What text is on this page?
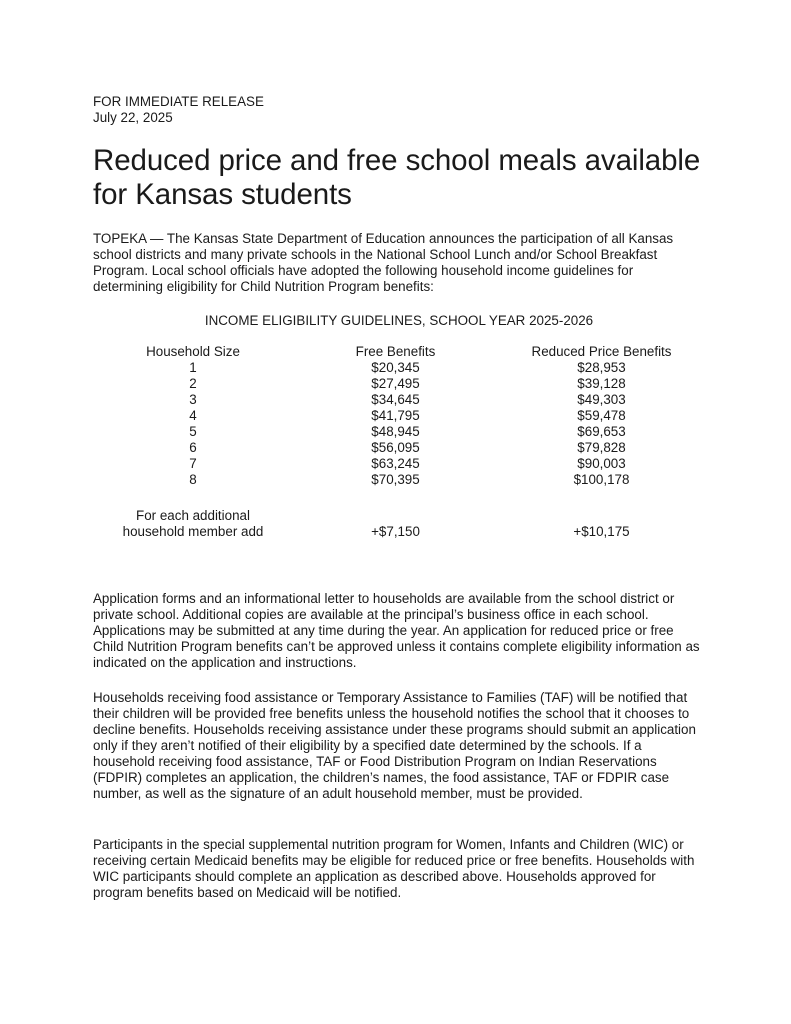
FOR IMMEDIATE RELEASE
July 22, 2025
Reduced price and free school meals available for Kansas students

TOPEKA — The Kansas State Department of Education announces the participation of all Kansas school districts and many private schools in the National School Lunch and/or School Breakfast Program. Local school officials have adopted the following household income guidelines for determining eligibility for Child Nutrition Program benefits:

INCOME ELIGIBILITY GUIDELINES, SCHOOL YEAR 2025-2026
Household Size	Free Benefits	Reduced Price Benefits
1	$20,345	$28,953
2	$27,495	$39,128
3	$34,645	$49,303
4	$41,795	$59,478
5	$48,945	$69,653
6	$56,095	$79,828
7	$63,245	$90,003
8	$70,395	$100,178

For each additional
household member add	+$7,150	+$10,175

Application forms and an informational letter to households are available from the school district or private school. Additional copies are available at the principal’s business office in each school. Applications may be submitted at any time during the year. An application for reduced price or free Child Nutrition Program benefits can’t be approved unless it contains complete eligibility information as indicated on the application and instructions.

Households receiving food assistance or Temporary Assistance to Families (TAF) will be notified that their children will be provided free benefits unless the household notifies the school that it chooses to decline benefits. Households receiving assistance under these programs should submit an application only if they aren’t notified of their eligibility by a specified date determined by the schools. If a household receiving food assistance, TAF or Food Distribution Program on Indian Reservations (FDPIR) completes an application, the children’s names, the food assistance, TAF or FDPIR case number, as well as the signature of an adult household member, must be provided.

Participants in the special supplemental nutrition program for Women, Infants and Children (WIC) or receiving certain Medicaid benefits may be eligible for reduced price or free benefits. Households with WIC participants should complete an application as described above. Households approved for program benefits based on Medicaid will be notified.
